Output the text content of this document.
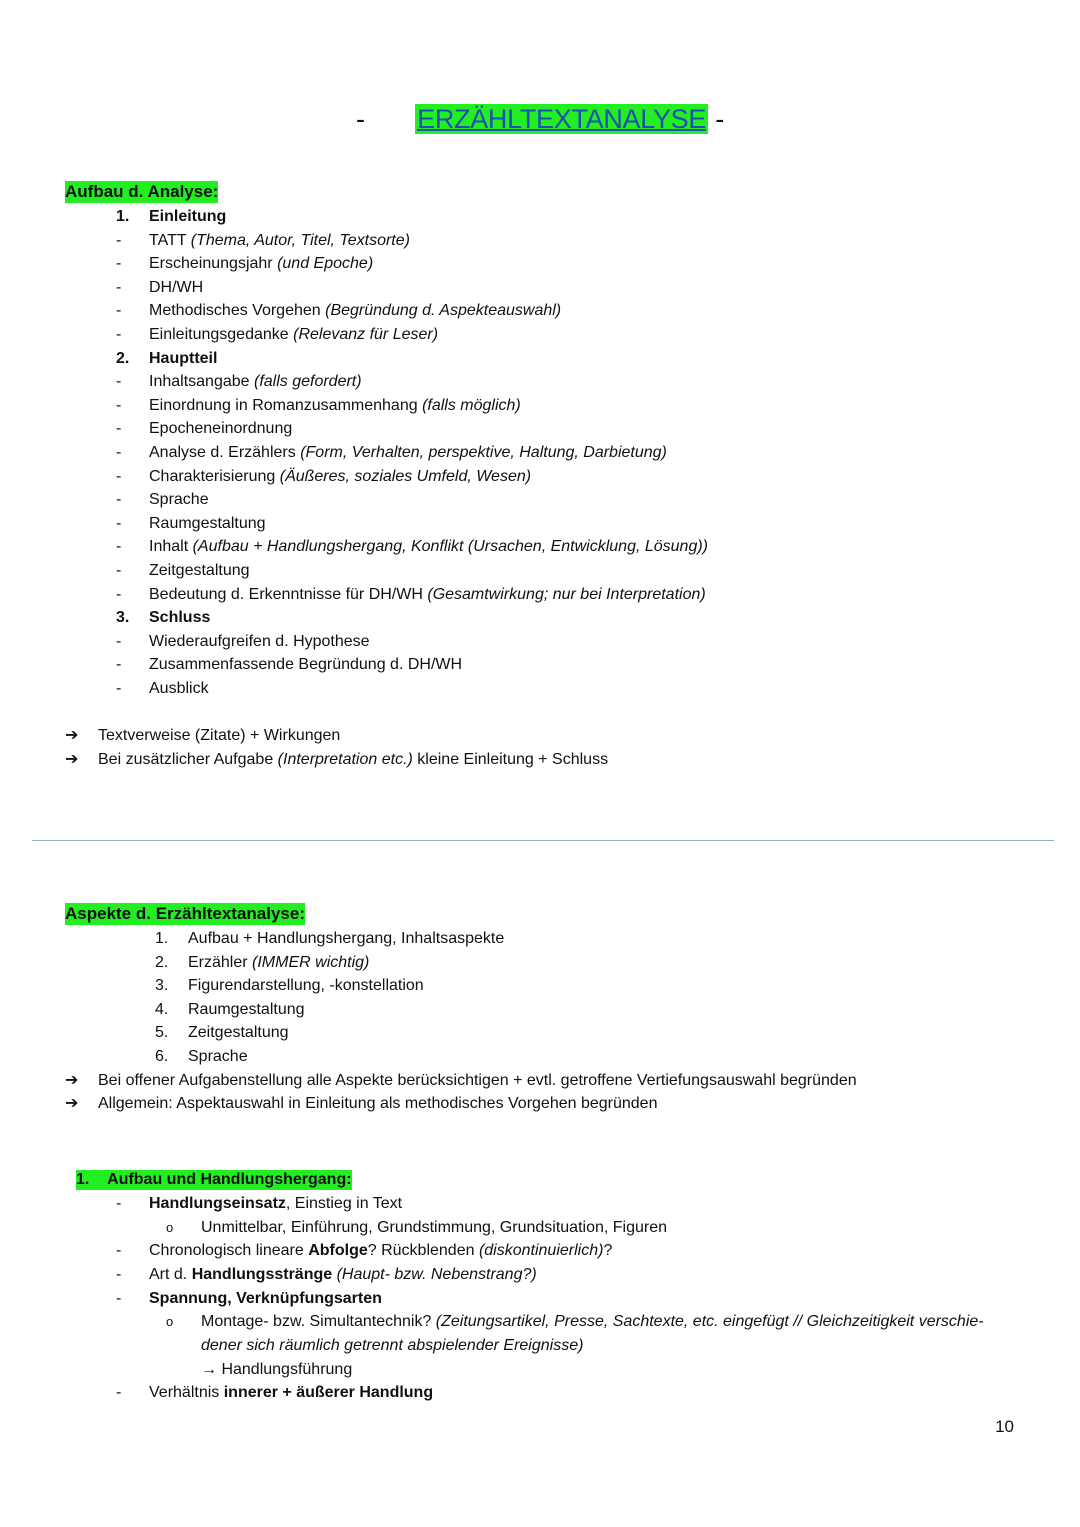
- ERZÄHLTEXTANALYSE -
Aufbau d. Analyse:
1.	Einleitung
-	TATT (Thema, Autor, Titel, Textsorte)
-	Erscheinungsjahr (und Epoche)
-	DH/WH
-	Methodisches Vorgehen (Begründung d. Aspekteauswahl)
-	Einleitungsgedanke (Relevanz für Leser)
2.	Hauptteil
-	Inhaltsangabe (falls gefordert)
-	Einordnung in Romanzusammenhang (falls möglich)
-	Epocheneinordnung
-	Analyse d. Erzählers (Form, Verhalten, perspektive, Haltung, Darbietung)
-	Charakterisierung (Äußeres, soziales Umfeld, Wesen)
-	Sprache
-	Raumgestaltung
-	Inhalt (Aufbau + Handlungshergang, Konflikt (Ursachen, Entwicklung, Lösung))
-	Zeitgestaltung
-	Bedeutung d. Erkenntnisse für DH/WH (Gesamtwirkung; nur bei Interpretation)
3.	Schluss
-	Wiederaufgreifen d. Hypothese
-	Zusammenfassende Begründung d. DH/WH
-	Ausblick
➔	Textverweise (Zitate) + Wirkungen
➔	Bei zusätzlicher Aufgabe (Interpretation etc.) kleine Einleitung + Schluss
Aspekte d. Erzähltextanalyse:
1.	Aufbau + Handlungshergang, Inhaltsaspekte
2.	Erzähler (IMMER wichtig)
3.	Figurendarstellung, -konstellation
4.	Raumgestaltung
5.	Zeitgestaltung
6.	Sprache
➔	Bei offener Aufgabenstellung alle Aspekte berücksichtigen + evtl. getroffene Vertiefungsauswahl begründen
➔	Allgemein: Aspektauswahl in Einleitung als methodisches Vorgehen begründen
1. Aufbau und Handlungshergang:
-	Handlungseinsatz, Einstieg in Text
o	Unmittelbar, Einführung, Grundstimmung, Grundsituation, Figuren
-	Chronologisch lineare Abfolge? Rückblenden (diskontinuierlich)?
-	Art d. Handlungsstränge (Haupt- bzw. Nebenstrang?)
-	Spannung, Verknüpfungsarten
o	Montage- bzw. Simultantechnik? (Zeitungsartikel, Presse, Sachtexte, etc. eingefügt // Gleichzeitigkeit verschie-
dener sich räumlich getrennt abspielender Ereignisse)
→ Handlungsführung
-	Verhältnis innerer + äußerer Handlung
10
